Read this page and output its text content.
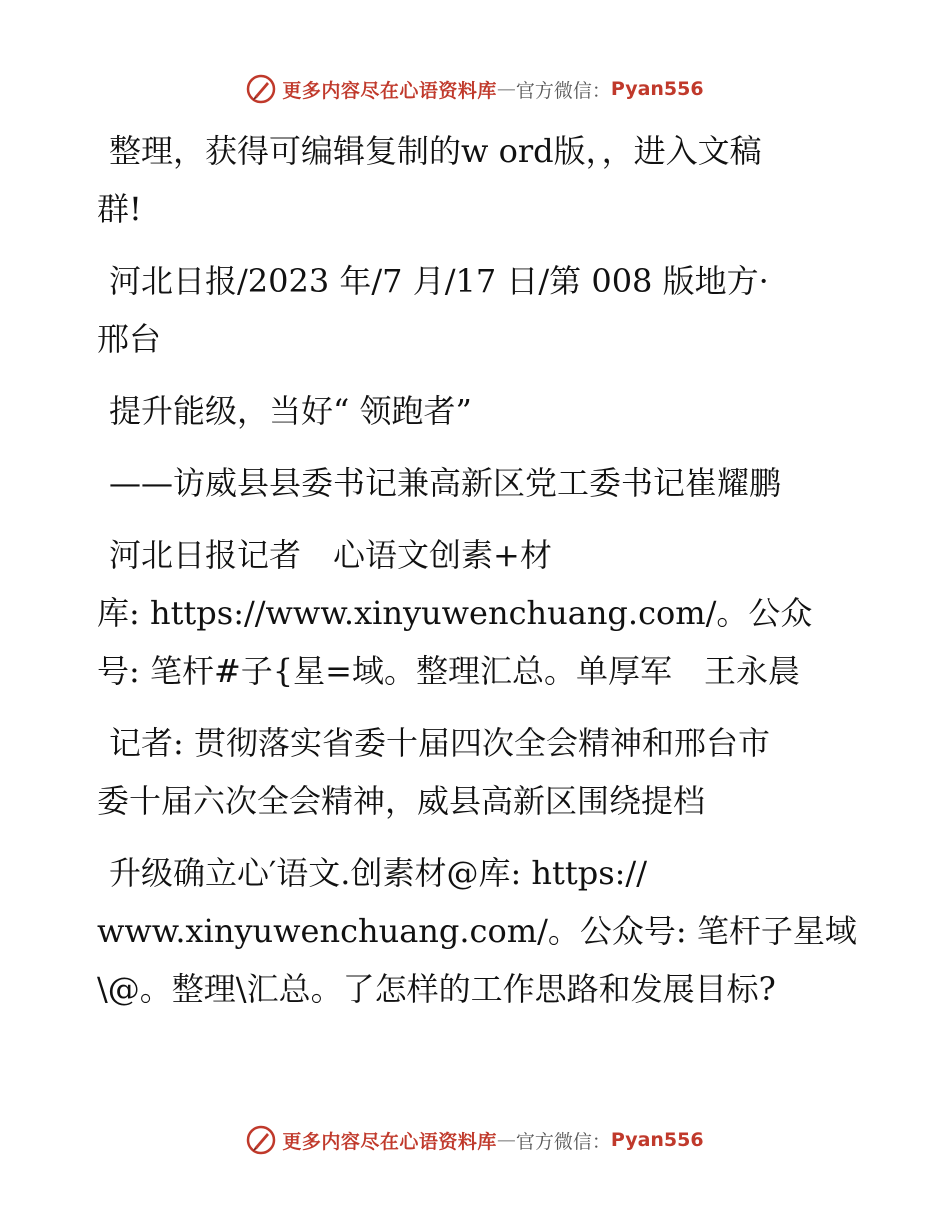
更多内容尽在心语资料库 — 官方微信： Pyan556
整理，获得可编辑复制的w ord版，，进入文稿
群!
河北日报/2023 年/7 月/17 日/第 008 版地方·
邢台
提升能级，当好“ 领跑者”
——访威县县委书记兼高新区党工委书记崔耀鹏
河北日报记者　心语文创素+材
库: https://www.xinyuwenchuang.com/。公众
号: 笔杆#子{星=域。整理汇总。单厚军　王永晨
记者: 贯彻落实省委十届四次全会精神和邢台市
委十届六次全会精神，威县高新区围绕提档
升级确立心′语文.创素材@库: https://
www.xinyuwenchuang.com/。公众号: 笔杆子星域
\@。整理\汇总。了怎样的工作思路和发展目标?
更多内容尽在心语资料库 — 官方微信： Pyan556
